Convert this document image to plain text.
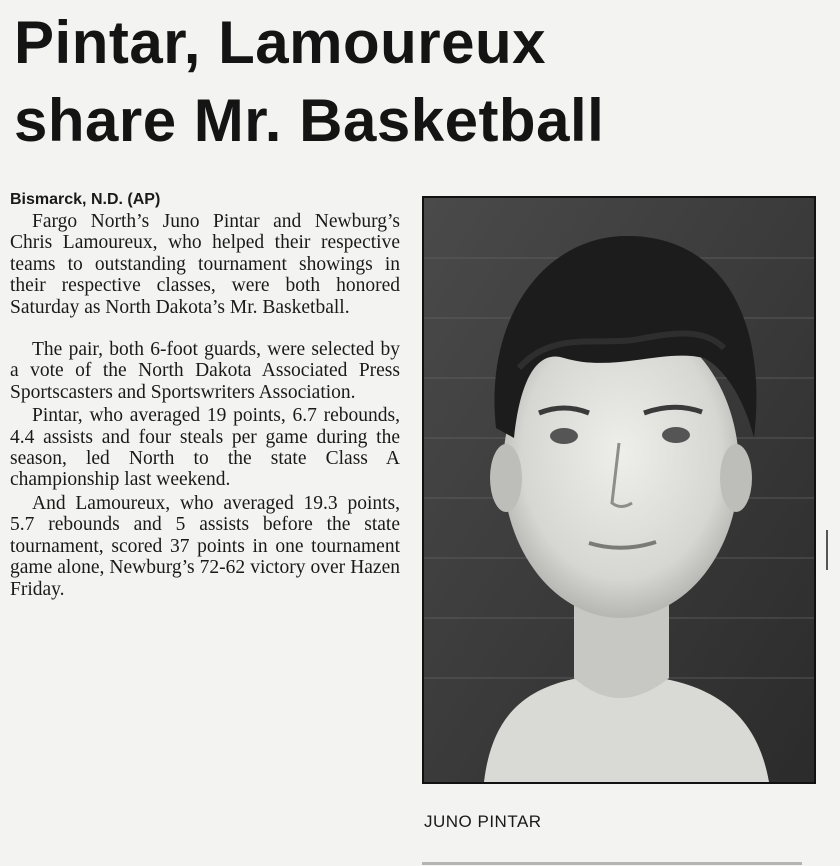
Pintar, Lamoureux
share Mr. Basketball
Bismarck, N.D. (AP)

Fargo North’s Juno Pintar and Newburg’s Chris Lamoureux, who helped their respective teams to outstanding tournament showings in their respective classes, were both honored Saturday as North Dakota’s Mr. Basketball.

The pair, both 6-foot guards, were selected by a vote of the North Dakota Associated Press Sportscasters and Sportswriters Association.

Pintar, who averaged 19 points, 6.7 rebounds, 4.4 assists and four steals per game during the season, led North to the state Class A championship last weekend.

And Lamoureux, who averaged 19.3 points, 5.7 rebounds and 5 assists before the state tournament, scored 37 points in one tournament game alone, Newburg’s 72-62 victory over Hazen Friday.

JUNO PINTAR
